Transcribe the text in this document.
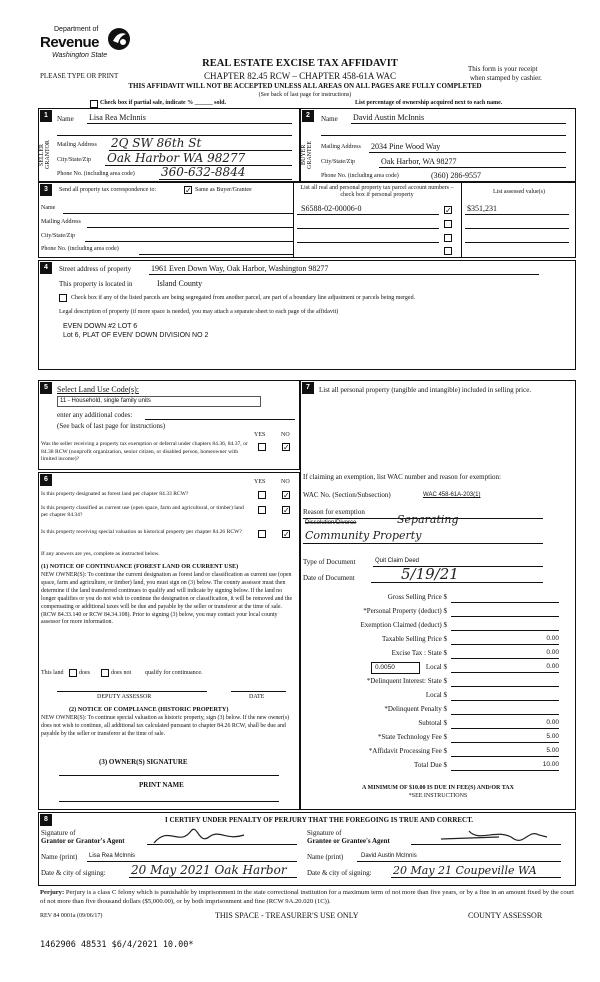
Department of
Revenue
Washington State
PLEASE TYPE OR PRINT
REAL ESTATE EXCISE TAX AFFIDAVIT
CHAPTER 82.45 RCW – CHAPTER 458-61A WAC
THIS AFFIDAVIT WILL NOT BE ACCEPTED UNLESS ALL AREAS ON ALL PAGES ARE FULLY COMPLETED
This form is your receipt
when stamped by cashier.
(See back of last page for instructions)
Check box if partial sale, indicate % ______ sold.	List percentage of ownership acquired next to each name.
1
SELLER GRANTOR
Name Lisa Rea McInnis
Mailing Address 2Q SW 86th St
City/State/Zip Oak Harbor WA 98277
Phone No. (including area code) 360-632-8844
2
BUYER GRANTEE
Name David Austin McInnis
Mailing Address 2034 Pine Wood Way
City/State/Zip	Oak Harbor, WA 98277
Phone No. (including area code)	(360) 286-9557
3	Send all property tax correspondence to:	✓ Same as Buyer/Grantee
Name
Mailing Address
City/State/Zip
Phone No. (including area code)
List all real and personal property tax parcel account numbers – check box if personal property	List assessed value(s)
S6588-02-00006-0	✓ $351,231
4	Street address of property 1961 Even Down Way, Oak Harbor, Washington 98277
This property is located in	Island County
Check box if any of the listed parcels are being segregated from another parcel, are part of a boundary line adjustment or parcels being merged.
Legal description of property (if more space is needed, you may attach a separate sheet to each page of the affidavit)
EVEN DOWN #2 LOT 6
Lot 6, PLAT OF EVEN' DOWN DIVISION NO 2
5	Select Land Use Code(s):
11 - Household, single family units
enter any additional codes:
(See back of last page for instructions)
YES	NO
Was the seller receiving a property tax exemption or deferral under chapters 84.36, 84.37, or 84.38 RCW (nonprofit organization, senior citizen, or disabled person, homeowner with limited income)?
✓
6	YES	NO
Is this property designated as forest land per chapter 84.33 RCW?	✓
Is this property classified as current use (open space, farm and agricultural, or timber) land per chapter 84.34?	✓
Is this property receiving special valuation as historical property per chapter 84.26 RCW?	✓
If any answers are yes, complete as instructed below.
(1) NOTICE OF CONTINUANCE (FOREST LAND OR CURRENT USE)
NEW OWNER(S): To continue the current designation as forest land or classification as current use (open space, farm and agriculture, or timber) land, you must sign on (3) below. The county assessor must then determine if the land transferred continues to qualify and will indicate by signing below. If the land no longer qualifies or you do not wish to continue the designation or classification, it will be removed and the compensating or additional taxes will be due and payable by the seller or transferor at the time of sale. (RCW 84.33.140 or RCW 84.34.108). Prior to signing (3) below, you may contact your local county assessor for more information.
This land	does	does not qualify for continuance.
DEPUTY ASSESSOR	DATE
(2) NOTICE OF COMPLIANCE (HISTORIC PROPERTY)
NEW OWNER(S): To continue special valuation as historic property, sign (3) below. If the new owner(s) does not wish to continue, all additional tax calculated pursuant to chapter 84.26 RCW, shall be due and payable by the seller or transferor at the time of sale.
(3) OWNER(S) SIGNATURE
PRINT NAME
7	List all personal property (tangible and intangible) included in selling price.
If claiming an exemption, list WAC number and reason for exemption:
WAC No. (Section/Subsection)	WAC 458-61A-203(1)
Reason for exemption
Dissolution/Divorce	Separating
Community Property
Type of Document	Quit Claim Deed
Date of Document	5/19/21
Gross Selling Price $
*Personal Property (deduct) $
Exemption Claimed (deduct) $
Taxable Selling Price $	0.00
Excise Tax : State $	0.00
0.0050	Local $	0.00
*Delinquent Interest: State $
Local $
*Delinquent Penalty $
Subtotal $	0.00
*State Technology Fee $	5.00
*Affidavit Processing Fee $	5.00
Total Due $	10.00
A MINIMUM OF $10.00 IS DUE IN FEE(S) AND/OR TAX
*SEE INSTRUCTIONS
8	I CERTIFY UNDER PENALTY OF PERJURY THAT THE FOREGOING IS TRUE AND CORRECT.
Signature of
Grantor or Grantor's Agent
Signature of
Grantee or Grantee's Agent
Name (print) Lisa Rea McInnis	Name (print)	David Austin McInnis
Date & city of signing: 20 May 2021 Oak Harbor	Date & city of signing: 20 May 21 Coupeville WA
Perjury: Perjury is a class C felony which is punishable by imprisonment in the state correctional institution for a maximum term of not more than five years, or by a fine in an amount fixed by the court of not more than five thousand dollars ($5,000.00), or by both imprisonment and fine (RCW 9A.20.020 (1C)).
REV 84 0001a (09/06/17)	THIS SPACE - TREASURER'S USE ONLY	COUNTY ASSESSOR
1462906 48531 $6/4/2021 10.00*
